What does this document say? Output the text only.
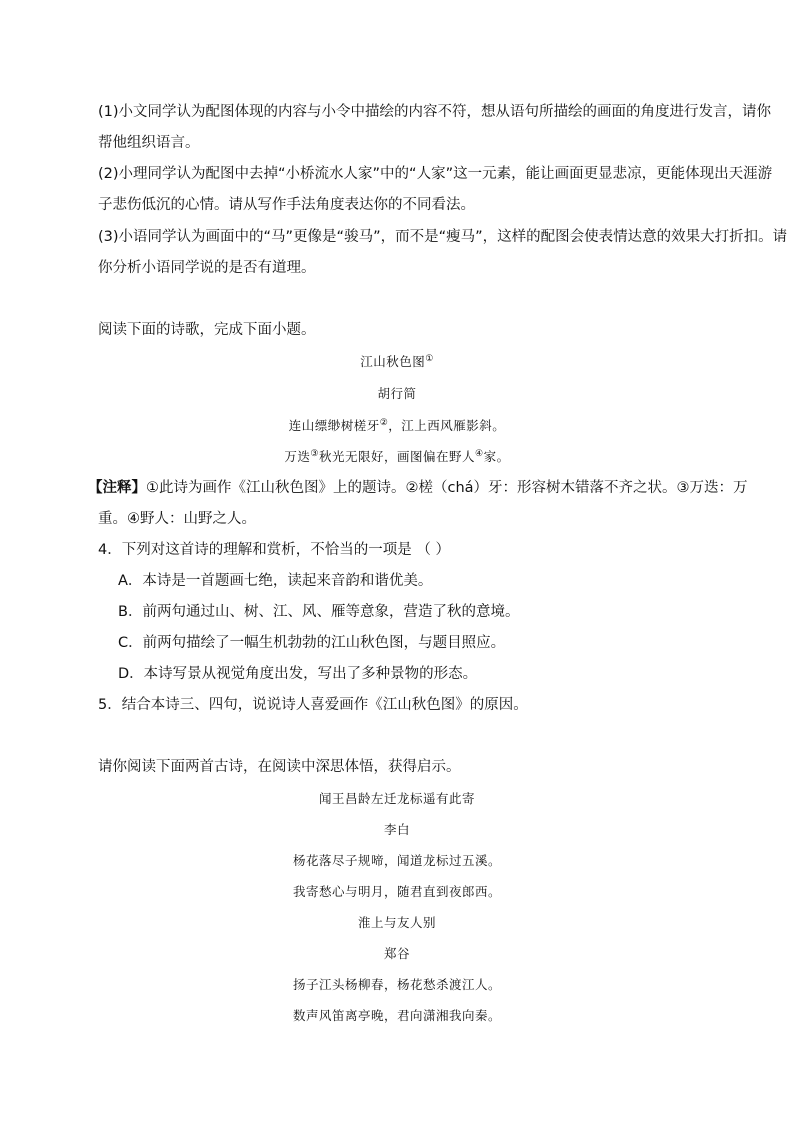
(1)小文同学认为配图体现的内容与小令中描绘的内容不符，想从语句所描绘的画面的角度进行发言，请你
帮他组织语言。
(2)小理同学认为配图中去掉“小桥流水人家”中的“人家”这一元素，能让画面更显悲凉，更能体现出天涯游
子悲伤低沉的心情。请从写作手法角度表达你的不同看法。
(3)小语同学认为画面中的“马”更像是“骏马”，而不是“瘦马”，这样的配图会使表情达意的效果大打折扣。请
你分析小语同学说的是否有道理。
阅读下面的诗歌，完成下面小题。
江山秋色图①
胡行简
连山缥缈树槎牙②，江上西风雁影斜。
万迭③秋光无限好，画图偏在野人④家。
【注释】①此诗为画作《江山秋色图》上的题诗。②槎（chá）牙：形容树木错落不齐之状。③万迭：万
重。④野人：山野之人。
4．下列对这首诗的理解和赏析，不恰当的一项是 （ ）
A．本诗是一首题画七绝，读起来音韵和谐优美。
B．前两句通过山、树、江、风、雁等意象，营造了秋的意境。
C．前两句描绘了一幅生机勃勃的江山秋色图，与题目照应。
D．本诗写景从视觉角度出发，写出了多种景物的形态。
5．结合本诗三、四句，说说诗人喜爱画作《江山秋色图》的原因。
请你阅读下面两首古诗，在阅读中深思体悟，获得启示。
闻王昌龄左迁龙标遥有此寄
李白
杨花落尽子规啼，闻道龙标过五溪。
我寄愁心与明月，随君直到夜郎西。
淮上与友人别
郑谷
扬子江头杨柳春，杨花愁杀渡江人。
数声风笛离亭晚，君向潇湘我向秦。
